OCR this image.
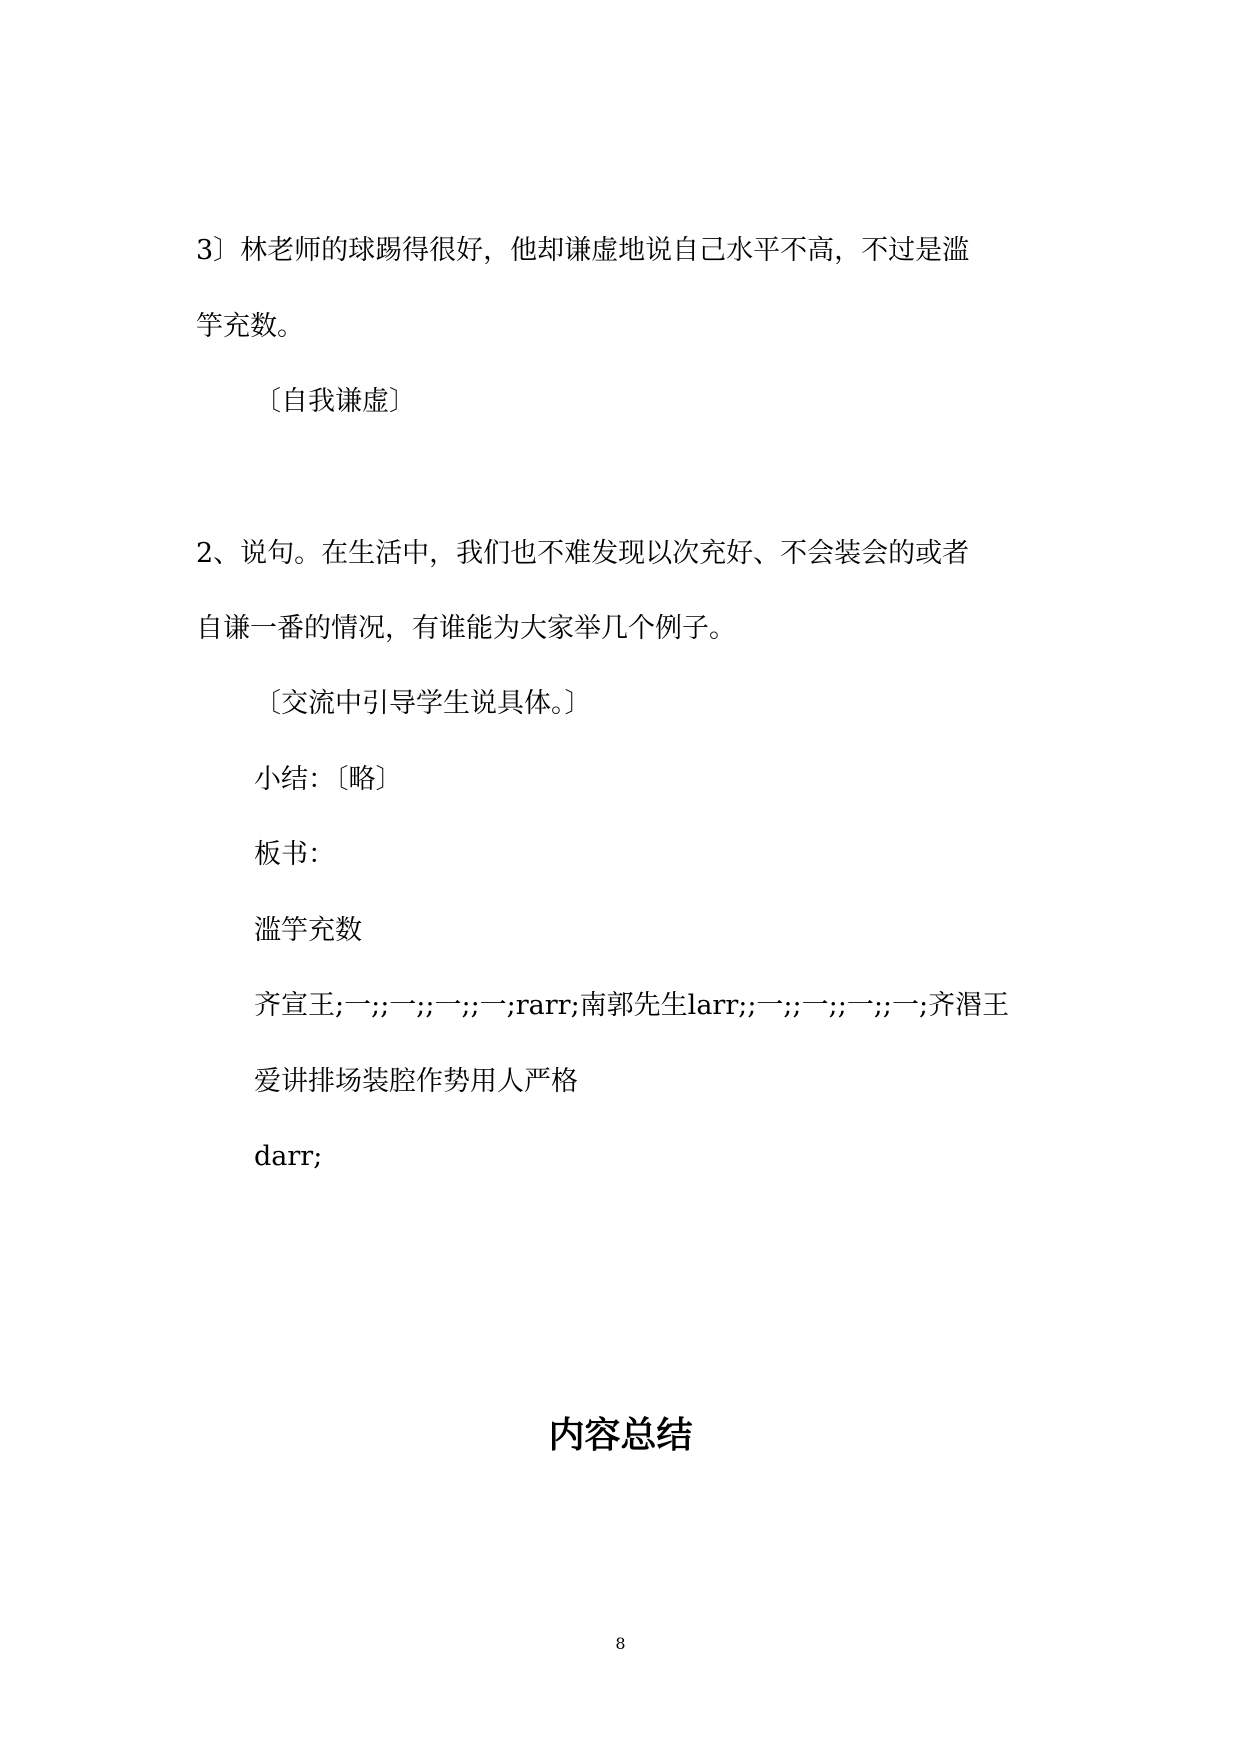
3〕林老师的球踢得很好，他却谦虚地说自己水平不高，不过是滥

竽充数。

〔自我谦虚〕

2、说句。在生活中，我们也不难发现以次充好、不会装会的或者

自谦一番的情况，有谁能为大家举几个例子。

〔交流中引导学生说具体。〕

小结：〔略〕

板书：

滥竽充数

齐宣王;一;;一;;一;;一;rarr;南郭先生larr;;一;;一;;一;;一;齐湣王

爱讲排场装腔作势用人严格

darr;

内容总结
8
